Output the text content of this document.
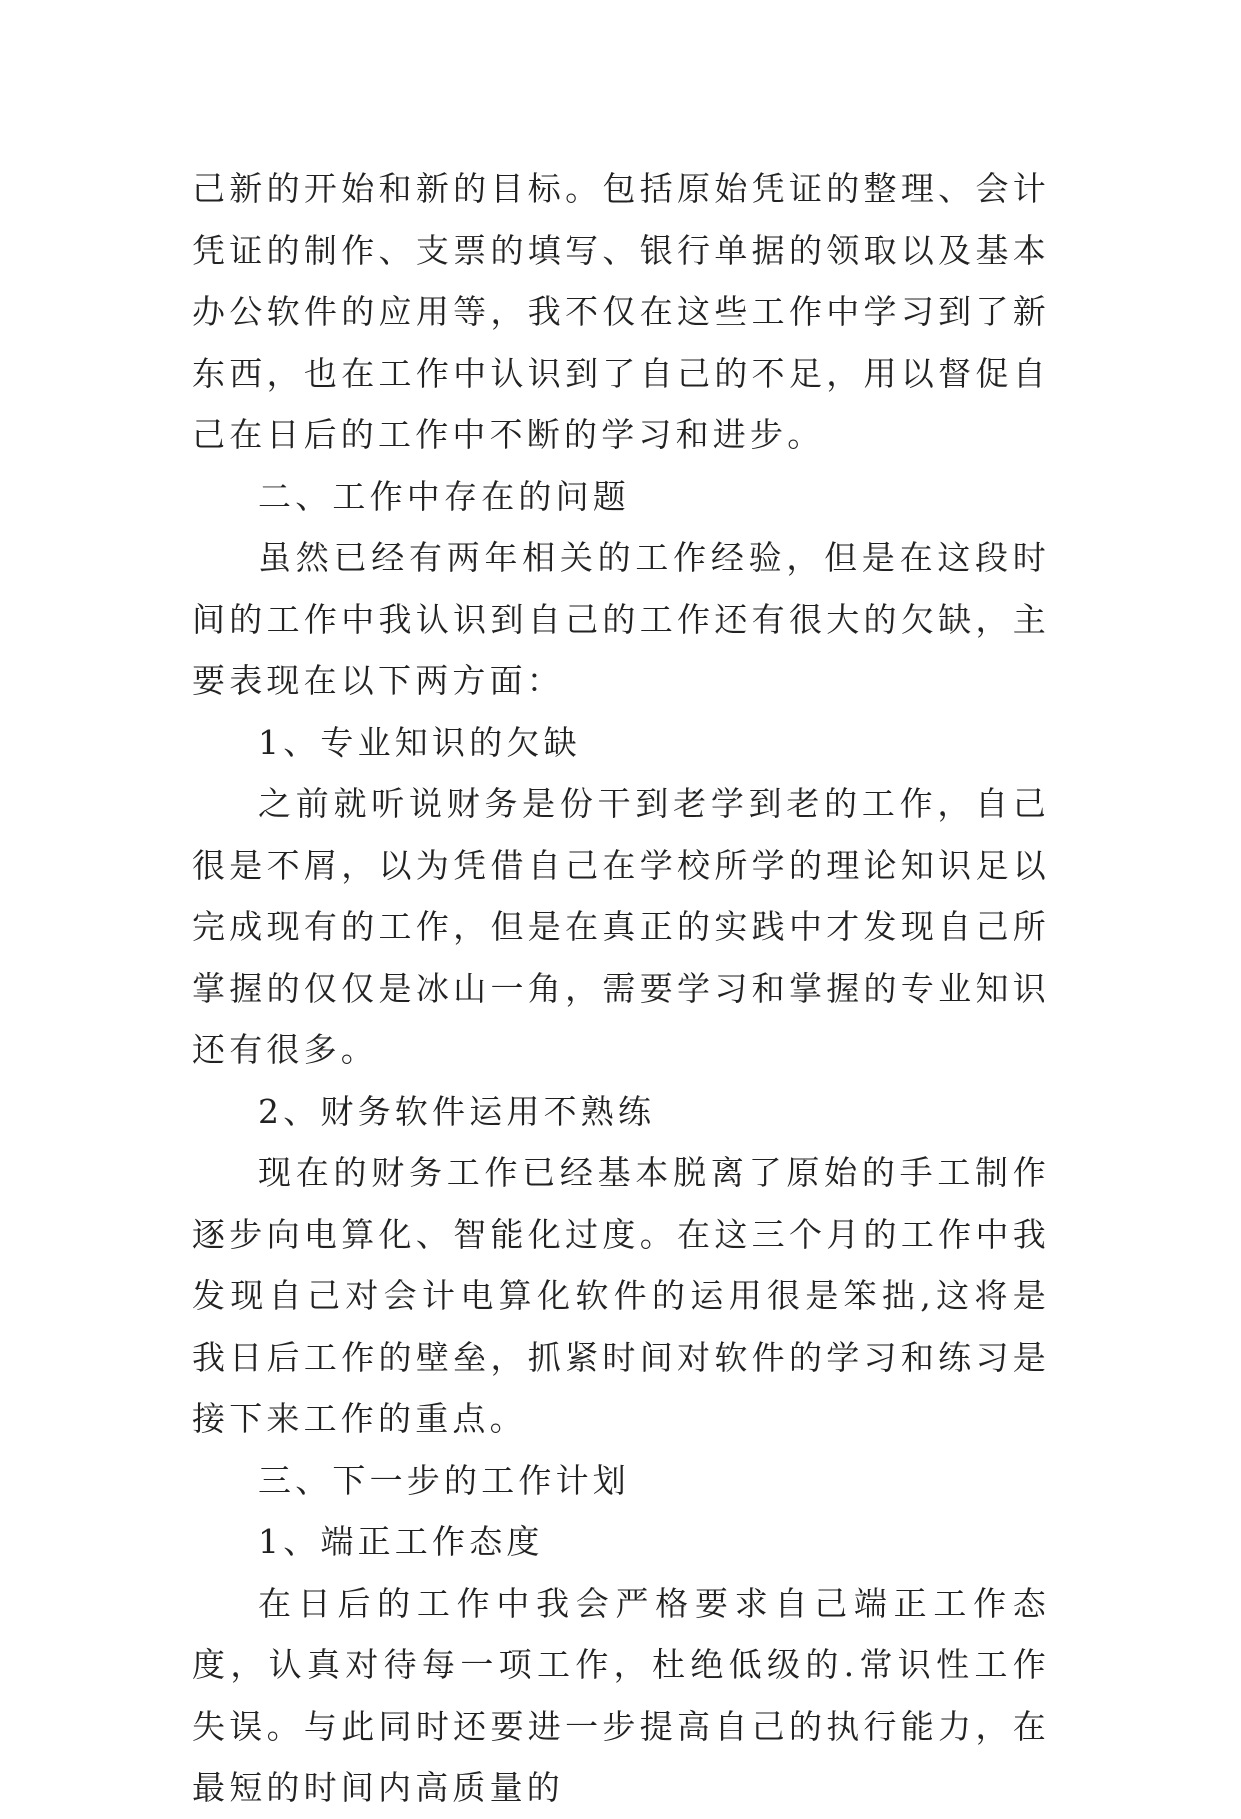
己新的开始和新的目标。包括原始凭证的整理、会计凭证的制作、支票的填写、银行单据的领取以及基本办公软件的应用等，我不仅在这些工作中学习到了新东西，也在工作中认识到了自己的不足，用以督促自己在日后的工作中不断的学习和进步。

二、工作中存在的问题

虽然已经有两年相关的工作经验，但是在这段时间的工作中我认识到自己的工作还有很大的欠缺，主要表现在以下两方面：

1、专业知识的欠缺

之前就听说财务是份干到老学到老的工作，自己很是不屑，以为凭借自己在学校所学的理论知识足以完成现有的工作，但是在真正的实践中才发现自己所掌握的仅仅是冰山一角，需要学习和掌握的专业知识还有很多。

2、财务软件运用不熟练

现在的财务工作已经基本脱离了原始的手工制作逐步向电算化、智能化过度。在这三个月的工作中我发现自己对会计电算化软件的运用很是笨拙,这将是我日后工作的壁垒，抓紧时间对软件的学习和练习是接下来工作的重点。

三、下一步的工作计划

1、端正工作态度

在日后的工作中我会严格要求自己端正工作态度，认真对待每一项工作，杜绝低级的.常识性工作失误。与此同时还要进一步提高自己的执行能力，在最短的时间内高质量的
